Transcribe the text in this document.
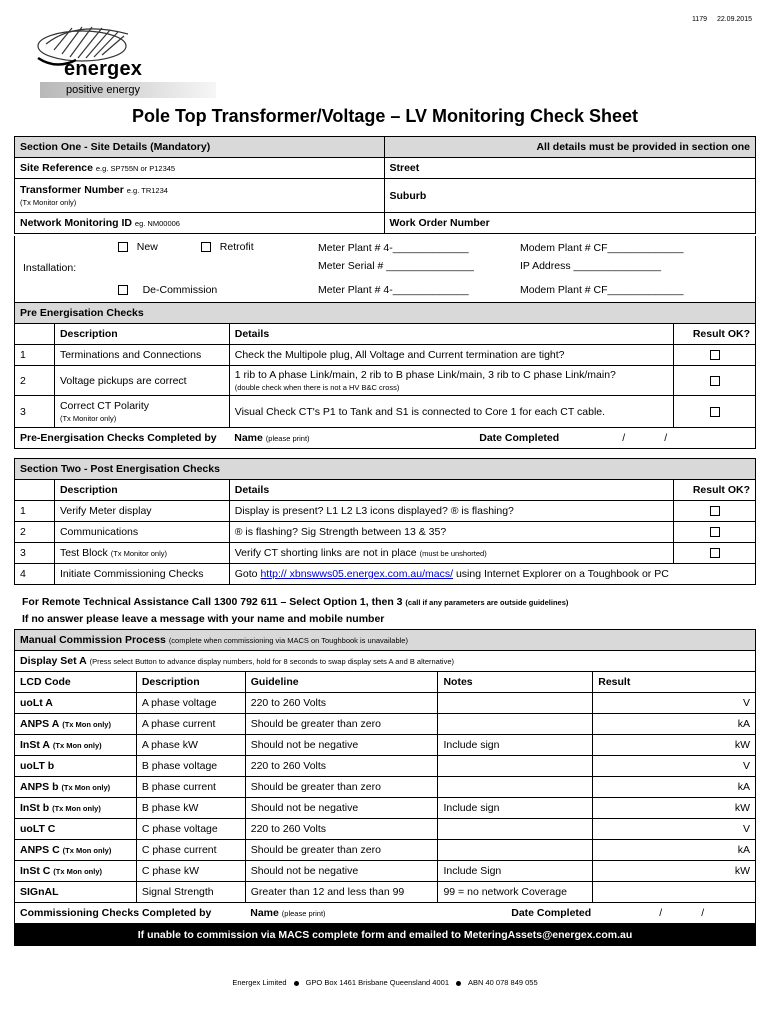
1179 22.09.2015
energex
positive energy
Pole Top Transformer/Voltage – LV Monitoring Check Sheet
Section One - Site Details (Mandatory)	All details must be provided in section one
Site Reference e.g. SP755N or P12345	Street
Transformer Number e.g. TR1234
(Tx Monitor only)	Suburb
Network Monitoring ID eg. NM00006	Work Order Number
Installation:
New	Retrofit	Meter Plant # 4-_____________	Modem Plant # CF_____________
Meter Serial # _______________	IP Address _______________
De-Commission	Meter Plant # 4-_____________	Modem Plant # CF_____________
Pre Energisation Checks			
	Description	Details	Result OK?
1	Terminations and Connections	Check the Multipole plug, All Voltage and Current termination are tight?	
2	Voltage pickups are correct	1 rib to A phase Link/main, 2 rib to B phase Link/main, 3 rib to C phase Link/main?
(double check when there is not a HV B&C cross)	
3	Correct CT Polarity
(Tx Monitor only)	Visual Check CT's P1 to Tank and S1 is connected to Core 1 for each CT cable.	
Pre-Energisation Checks Completed by		Name (please print) Date Completed / /	
Section Two - Post Energisation Checks			
	Description	Details	Result OK?
1	Verify Meter display	Display is present? L1 L2 L3 icons displayed? ® is flashing?	
2	Communications	® is flashing? Sig Strength between 13 & 35?	
3	Test Block (Tx Monitor only)	Verify CT shorting links are not in place (must be unshorted)	
4	Initiate Commissioning Checks	Goto http:// xbnswws05.energex.com.au/macs/ using Internet Explorer on a Toughbook or PC	
For Remote Technical Assistance Call 1300 792 611 – Select Option 1, then 3 (call if any parameters are outside guidelines)
If no answer please leave a message with your name and mobile number
Manual Commission Process (complete when commissioning via MACS on Toughbook is unavailable)				
Display Set A (Press select Button to advance display numbers, hold for 8 seconds to swap display sets A and B alternative)				
LCD Code	Description	Guideline	Notes	Result
uoLt A	A phase voltage	220 to 260 Volts		V
ANPS A (Tx Mon only)	A phase current	Should be greater than zero		kA
InSt A (Tx Mon only)	A phase kW	Should not be negative	Include sign	kW
uoLT b	B phase voltage	220 to 260 Volts		V
ANPS b (Tx Mon only)	B phase current	Should be greater than zero		kA
InSt b (Tx Mon only)	B phase kW	Should not be negative	Include sign	kW
uoLT C	C phase voltage	220 to 260 Volts		V
ANPS C (Tx Mon only)	C phase current	Should be greater than zero		kA
InSt C (Tx Mon only)	C phase kW	Should not be negative	Include Sign	kW
SIGnAL	Signal Strength	Greater than 12 and less than 99	99 = no network Coverage	
Commissioning Checks Completed by		Name (please print) Date Completed / /		

If unable to commission via MACS complete form and emailed to MeteringAssets@energex.com.au				
Energex Limited	GPO Box 1461 Brisbane Queensland 4001	ABN 40 078 849 055
